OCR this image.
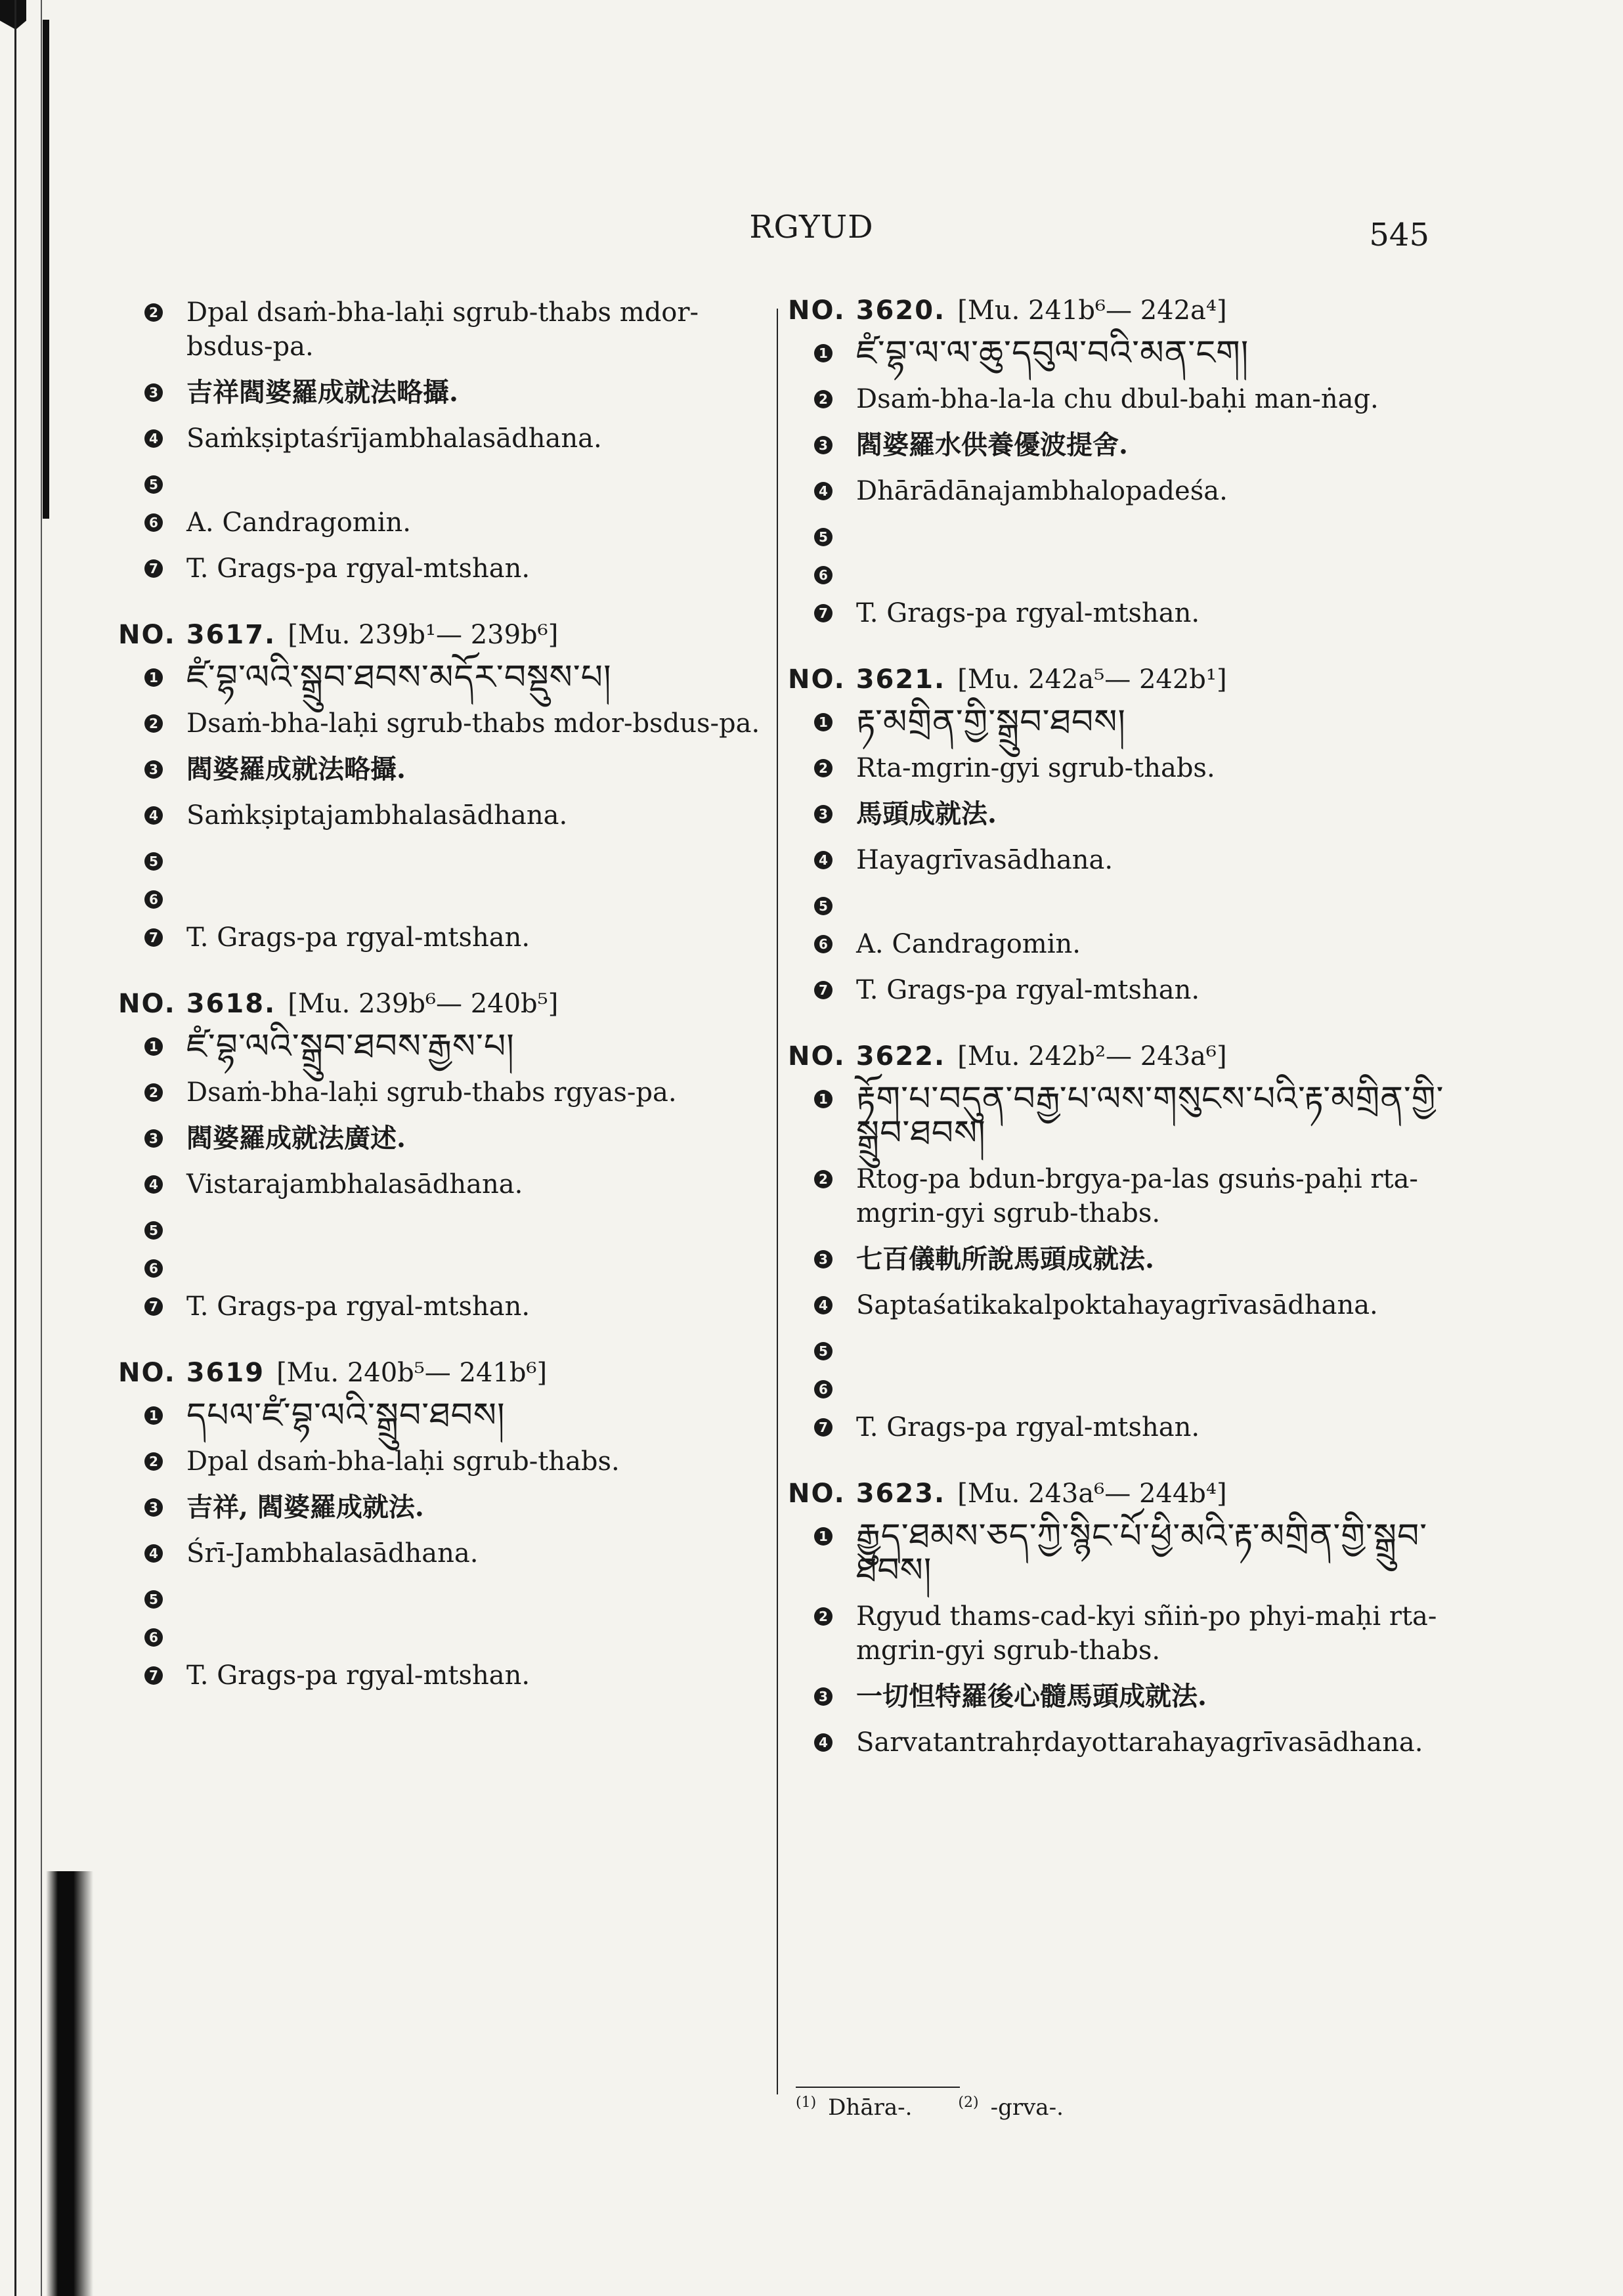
RGYUD	545
2 Dpal dsaṁ-bha-laḥi sgrub-thabs mdor-bsdus-pa.
3 吉祥閻婆羅成就法略攝.
4 Saṁkṣiptaśrījambhalasādhana.
5
6 A. Candragomin.
7 T. Grags-pa rgyal-mtshan.
NO. 3617. [Mu. 239b¹— 239b⁶]
1 ཛཾ་བྷ་ལའི་སྒྲུབ་ཐབས་མདོར་བསྡུས་པ།
2 Dsaṁ-bha-laḥi sgrub-thabs mdor-bsdus-pa.
3 閻婆羅成就法略攝.
4 Saṁkṣiptajambhalasādhana.
5
6
7 T. Grags-pa rgyal-mtshan.
NO. 3618. [Mu. 239b⁶— 240b⁵]
1 ཛཾ་བྷ་ལའི་སྒྲུབ་ཐབས་རྒྱས་པ།
2 Dsaṁ-bha-laḥi sgrub-thabs rgyas-pa.
3 閻婆羅成就法廣述.
4 Vistarajambhalasādhana.
5
6
7 T. Grags-pa rgyal-mtshan.
NO. 3619 [Mu. 240b⁵— 241b⁶]
1 དཔལ་ཛཾ་བྷ་ལའི་སྒྲུབ་ཐབས།
2 Dpal dsaṁ-bha-laḥi sgrub-thabs.
3 吉祥, 閻婆羅成就法.
4 Śrī-Jambhalasādhana.
5
6
7 T. Grags-pa rgyal-mtshan.
NO. 3620. [Mu. 241b⁶— 242a⁴]
1 ཛཾ་བྷ་ལ་ལ་ཆུ་དབུལ་བའི་མན་ངག།
2 Dsaṁ-bha-la-la chu dbul-baḥi man-ṅag.
3 閻婆羅水供養優波提舍.
4 Dhārādānajambhalopadeśa.
5
6
7 T. Grags-pa rgyal-mtshan.
NO. 3621. [Mu. 242a⁵— 242b¹]
1 རྟ་མགྲིན་གྱི་སྒྲུབ་ཐབས།
2 Rta-mgrin-gyi sgrub-thabs.
3 馬頭成就法.
4 Hayagrīvasādhana.
5
6 A. Candragomin.
7 T. Grags-pa rgyal-mtshan.
NO. 3622. [Mu. 242b²— 243a⁶]
1 རྟོག་པ་བདུན་བརྒྱ་པ་ལས་གསུངས་པའི་རྟ་མགྲིན་གྱི་སྒྲུབ་ཐབས།
2 Rtog-pa bdun-brgya-pa-las gsuṅs-paḥi rta-mgrin-gyi sgrub-thabs.
3 七百儀軌所說馬頭成就法.
4 Saptaśatikakalpoktahayagrīvasādhana.
5
6
7 T. Grags-pa rgyal-mtshan.
NO. 3623. [Mu. 243a⁶— 244b⁴]
1 རྒྱུད་ཐམས་ཅད་ཀྱི་སྙིང་པོ་ཕྱི་མའི་རྟ་མགྲིན་གྱི་སྒྲུབ་ཐབས།
2 Rgyud thams-cad-kyi sñiṅ-po phyi-maḥi rta-mgrin-gyi sgrub-thabs.
3 一切怛特羅後心髓馬頭成就法.
4 Sarvatantrahṛdayottarahayagrīvasādhana.
$^{(1)}$ Dhāra-.	$^{(2)}$ -grva-.
